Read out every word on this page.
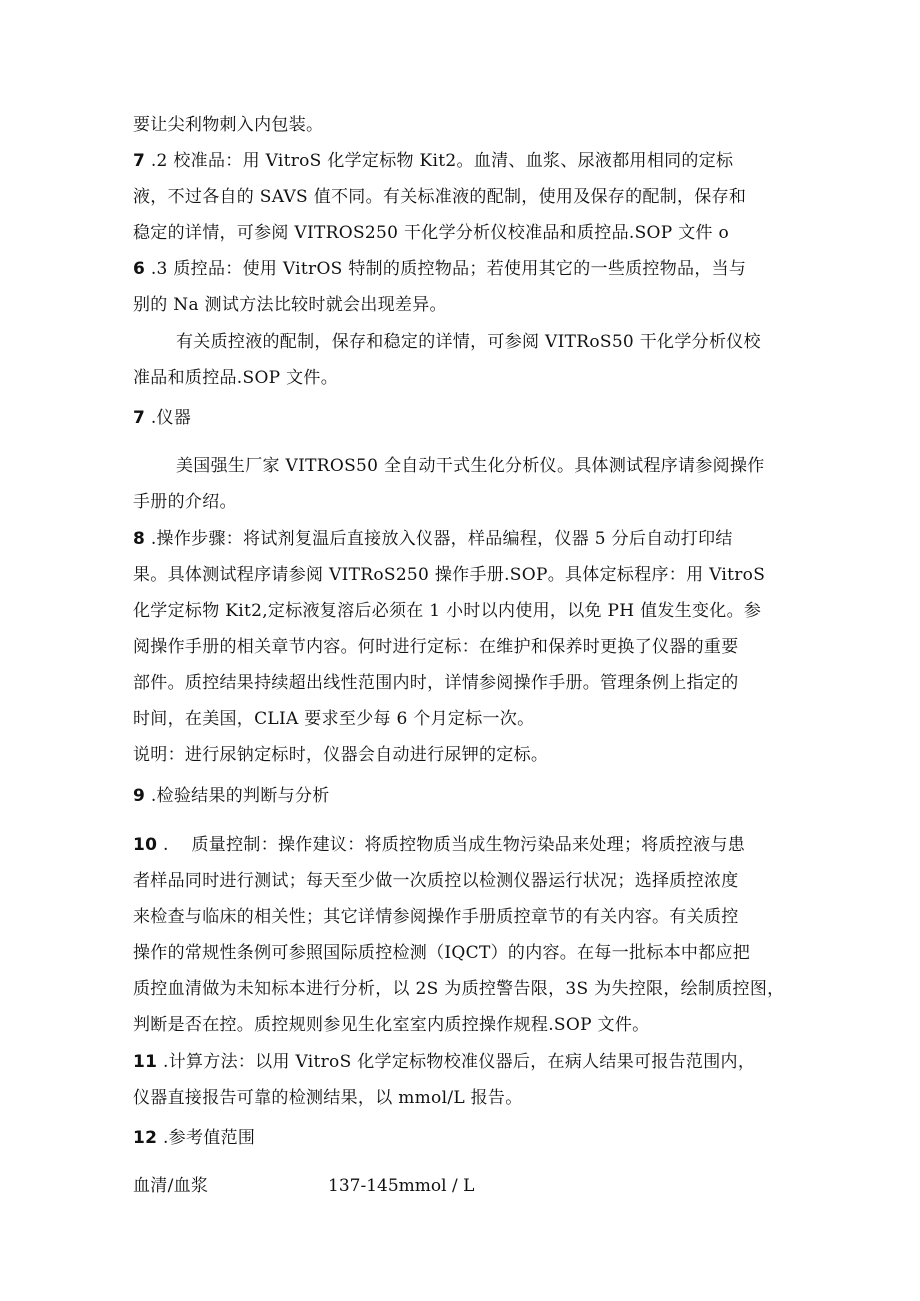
要让尖利物刺入内包装。
7 .2 校准品：用 VitroS 化学定标物 Kit2。血清、血浆、尿液都用相同的定标
液，不过各自的 SAVS 值不同。有关标准液的配制，使用及保存的配制，保存和
稳定的详情，可参阅 VITROS250 干化学分析仪校准品和质控品.SOP 文件 o
6 .3 质控品：使用 VitrOS 特制的质控物品；若使用其它的一些质控物品，当与
别的 Na 测试方法比较时就会出现差异。
有关质控液的配制，保存和稳定的详情，可参阅 VITRoS50 干化学分析仪校
准品和质控品.SOP 文件。
7 .仪器
美国强生厂家 VITROS50 全自动干式生化分析仪。具体测试程序请参阅操作
手册的介绍。
8 .操作步骤：将试剂复温后直接放入仪器，样品编程，仪器 5 分后自动打印结
果。具体测试程序请参阅 VITRoS250 操作手册.SOP。具体定标程序：用 VitroS
化学定标物 Kit2,定标液复溶后必须在 1 小时以内使用，以免 PH 值发生变化。参
阅操作手册的相关章节内容。何时进行定标：在维护和保养时更换了仪器的重要
部件。质控结果持续超出线性范围内时，详情参阅操作手册。管理条例上指定的
时间，在美国，CLIA 要求至少每 6 个月定标一次。
说明：进行尿钠定标时，仪器会自动进行尿钾的定标。
9 .检验结果的判断与分析
10 .    质量控制：操作建议：将质控物质当成生物污染品来处理；将质控液与患
者样品同时进行测试；每天至少做一次质控以检测仪器运行状况；选择质控浓度
来检查与临床的相关性；其它详情参阅操作手册质控章节的有关内容。有关质控
操作的常规性条例可参照国际质控检测（IQCT）的内容。在每一批标本中都应把
质控血清做为未知标本进行分析，以 2S 为质控警告限，3S 为失控限，绘制质控图，
判断是否在控。质控规则参见生化室室内质控操作规程.SOP 文件。
11 .计算方法：以用 VitroS 化学定标物校准仪器后，在病人结果可报告范围内，
仪器直接报告可靠的检测结果，以 mmol/L 报告。
12 .参考值范围
血清/血浆	137-145mmol / L
